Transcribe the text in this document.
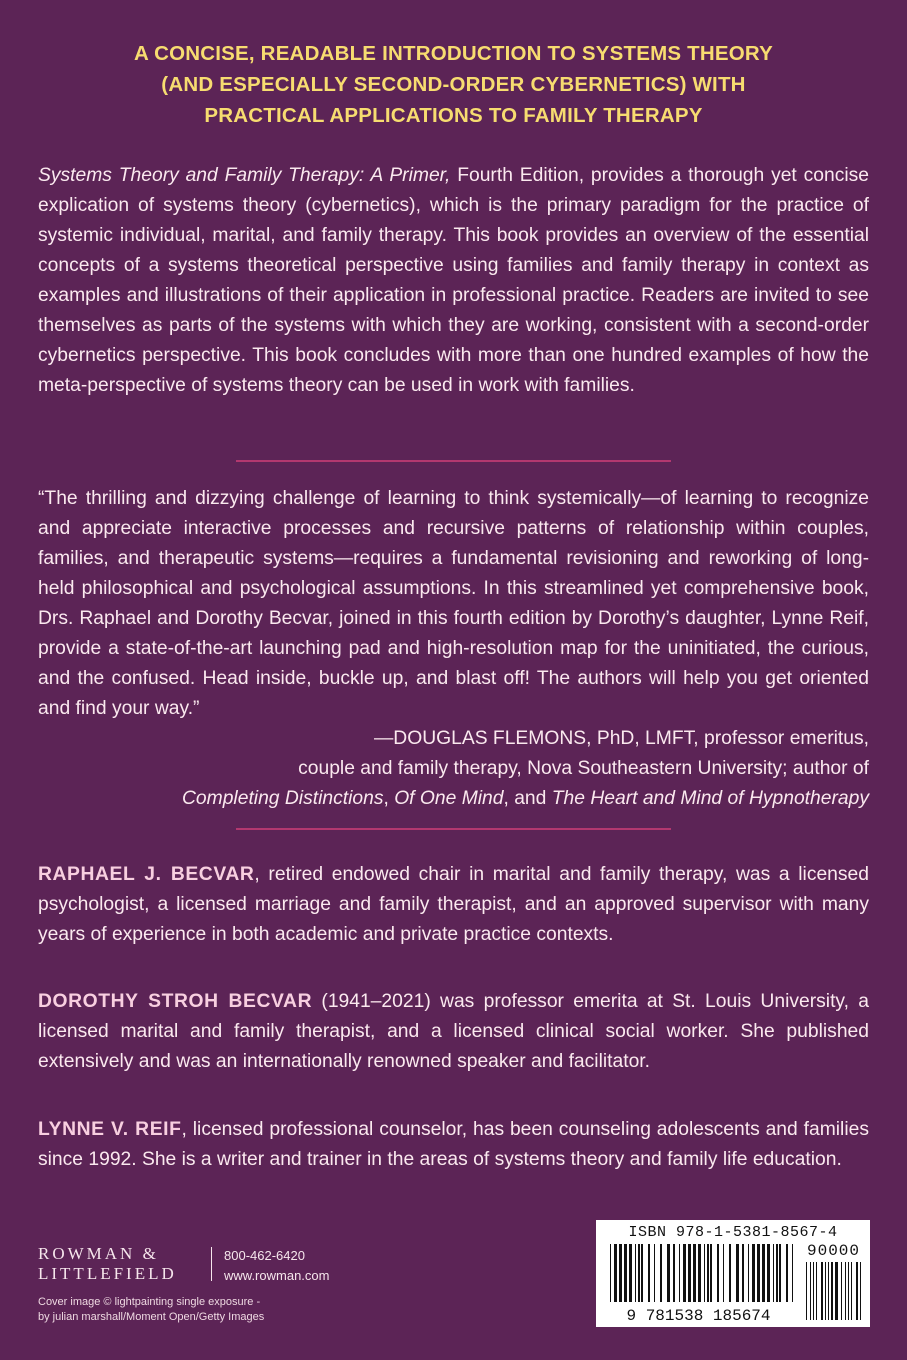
A CONCISE, READABLE INTRODUCTION TO SYSTEMS THEORY
(AND ESPECIALLY SECOND-ORDER CYBERNETICS) WITH
PRACTICAL APPLICATIONS TO FAMILY THERAPY

Systems Theory and Family Therapy: A Primer, Fourth Edition, provides a thorough yet concise explication of systems theory (cybernetics), which is the primary paradigm for the practice of systemic individual, marital, and family therapy. This book provides an overview of the essential concepts of a systems theoretical perspective using families and family therapy in context as examples and illustrations of their application in professional practice. Readers are invited to see themselves as parts of the systems with which they are working, consistent with a second-order cybernetics perspective. This book concludes with more than one hundred examples of how the meta-perspective of systems theory can be used in work with families.

“The thrilling and dizzying challenge of learning to think systemically—of learning to recognize and appreciate interactive processes and recursive patterns of relationship within couples, families, and therapeutic systems—requires a fundamental revisioning and reworking of long-held philosophical and psychological assumptions. In this streamlined yet comprehensive book, Drs. Raphael and Dorothy Becvar, joined in this fourth edition by Dorothy’s daughter, Lynne Reif, provide a state-of-the-art launching pad and high-resolution map for the uninitiated, the curious, and the confused. Head inside, buckle up, and blast off! The authors will help you get oriented and find your way.”

—DOUGLAS FLEMONS, PhD, LMFT, professor emeritus,
couple and family therapy, Nova Southeastern University; author of
Completing Distinctions, Of One Mind, and The Heart and Mind of Hypnotherapy

RAPHAEL J. BECVAR, retired endowed chair in marital and family therapy, was a licensed psychologist, a licensed marriage and family therapist, and an approved supervisor with many years of experience in both academic and private practice contexts.

DOROTHY STROH BECVAR (1941–2021) was professor emerita at St. Louis University, a licensed marital and family therapist, and a licensed clinical social worker. She published extensively and was an internationally renowned speaker and facilitator.

LYNNE V. REIF, licensed professional counselor, has been counseling adolescents and families since 1992. She is a writer and trainer in the areas of systems theory and family life education.

ROWMAN &
LITTLEFIELD
800-462-6420
www.rowman.com
Cover image © lightpainting single exposure -
by julian marshall/Moment Open/Getty Images
ISBN 978-1-5381-8567-4
9 781538 185674
90000
